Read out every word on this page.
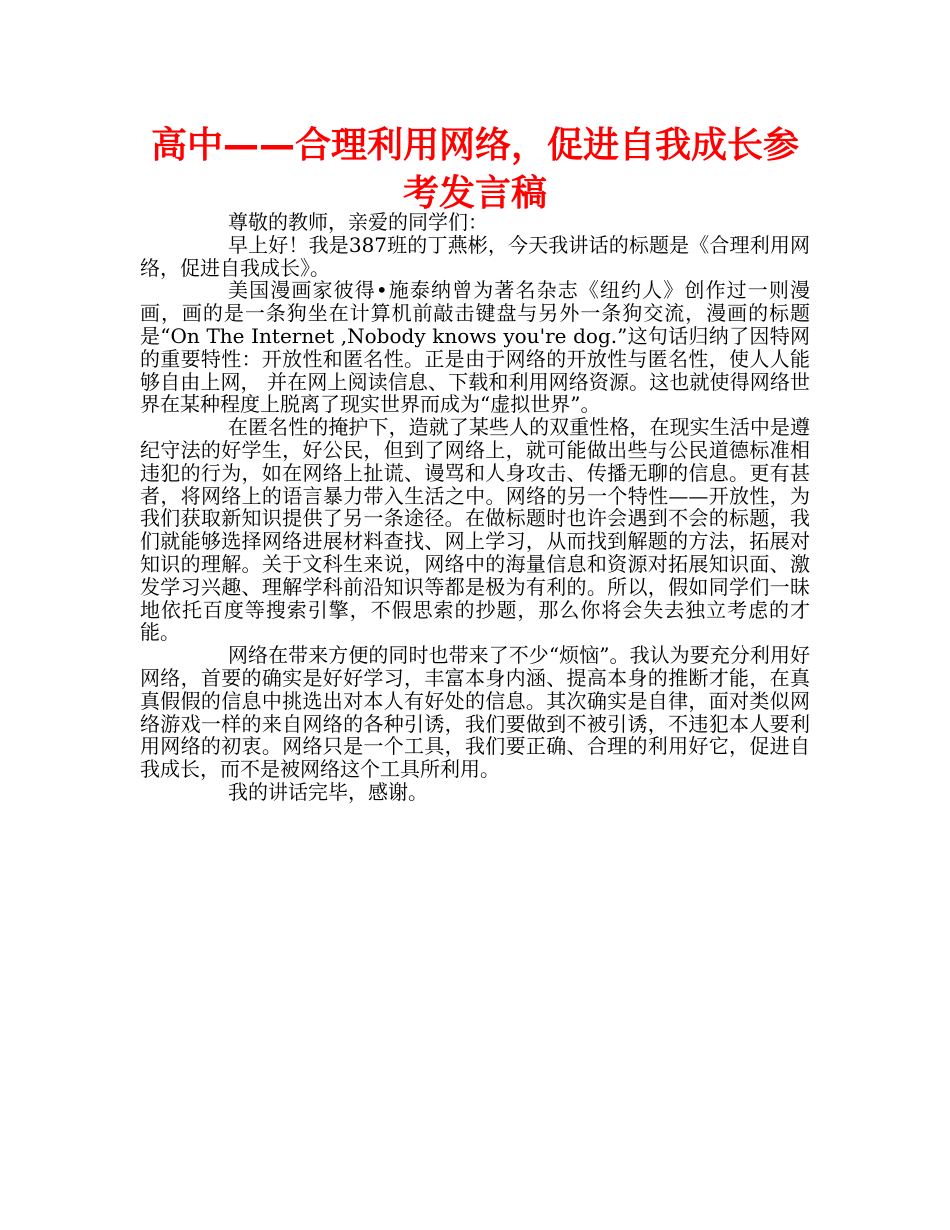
高中——合理利用网络，促进自我成长参考发言稿

尊敬的教师，亲爱的同学们：

早上好！我是387班的丁燕彬，今天我讲话的标题是《合理利用网络，促进自我成长》。

美国漫画家彼得•施泰纳曾为著名杂志《纽约人》创作过一则漫画，画的是一条狗坐在计算机前敲击键盘与另外一条狗交流，漫画的标题是“On The Internet ,Nobody knows you're dog.”这句话归纳了因特网的重要特性：开放性和匿名性。正是由于网络的开放性与匿名性，使人人能够自由上网， 并在网上阅读信息、下载和利用网络资源。这也就使得网络世界在某种程度上脱离了现实世界而成为“虚拟世界”。

在匿名性的掩护下，造就了某些人的双重性格，在现实生活中是遵纪守法的好学生，好公民，但到了网络上，就可能做出些与公民道德标准相违犯的行为，如在网络上扯谎、谩骂和人身攻击、传播无聊的信息。更有甚者，将网络上的语言暴力带入生活之中。网络的另一个特性——开放性，为我们获取新知识提供了另一条途径。在做标题时也许会遇到不会的标题，我们就能够选择网络进展材料查找、网上学习，从而找到解题的方法，拓展对知识的理解。关于文科生来说，网络中的海量信息和资源对拓展知识面、激发学习兴趣、理解学科前沿知识等都是极为有利的。所以，假如同学们一昧地依托百度等搜索引擎，不假思索的抄题，那么你将会失去独立考虑的才能。

网络在带来方便的同时也带来了不少“烦恼”。我认为要充分利用好网络，首要的确实是好好学习，丰富本身内涵、提高本身的推断才能，在真真假假的信息中挑选出对本人有好处的信息。其次确实是自律，面对类似网络游戏一样的来自网络的各种引诱，我们要做到不被引诱，不违犯本人要利用网络的初衷。网络只是一个工具，我们要正确、合理的利用好它，促进自我成长，而不是被网络这个工具所利用。

我的讲话完毕，感谢。
